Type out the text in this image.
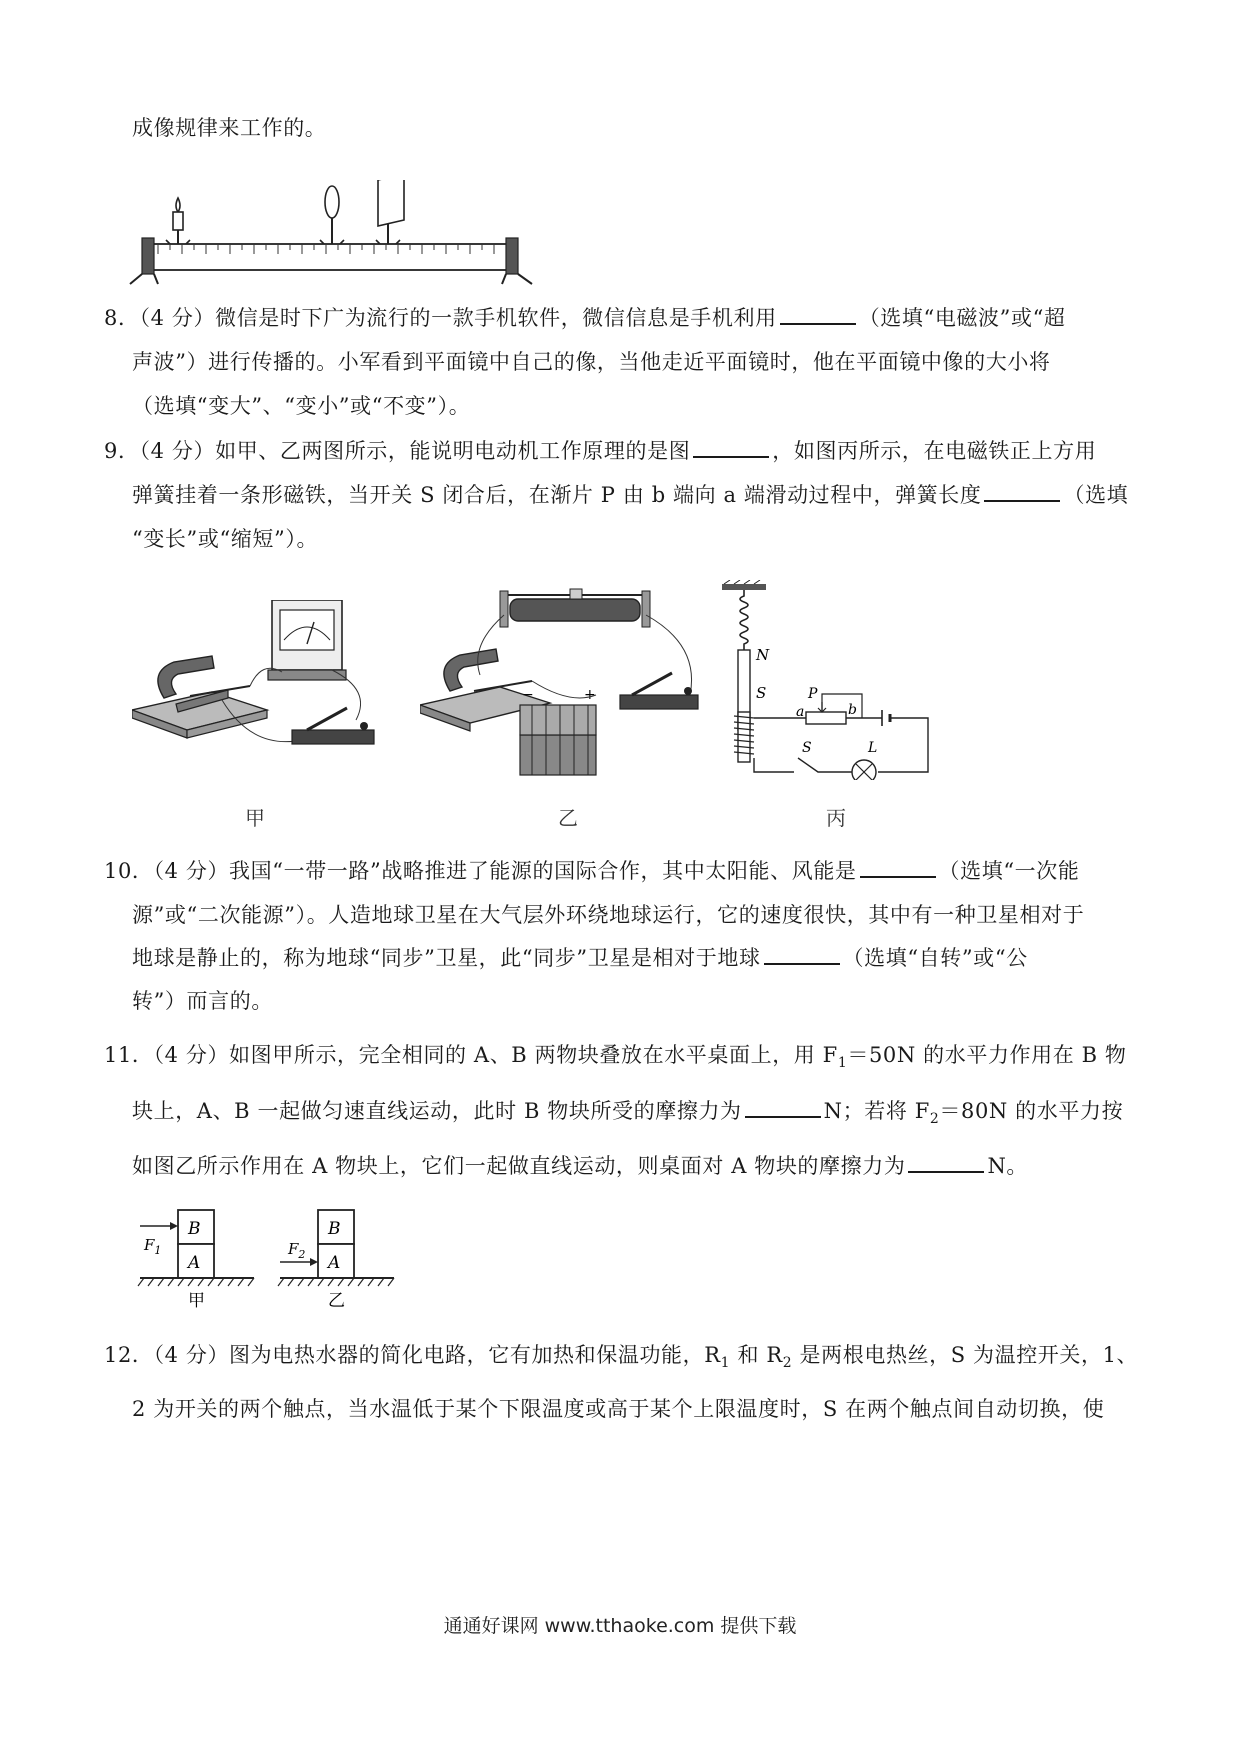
成像规律来工作的。
8．（4 分）微信是时下广为流行的一款手机软件，微信信息是手机利用	（选填“电磁波”或“超
声波”）进行传播的。小军看到平面镜中自己的像，当他走近平面镜时，他在平面镜中像的大小将
（选填“变大”、“变小”或“不变”）。
9．（4 分）如甲、乙两图所示，能说明电动机工作原理的是图	，如图丙所示，在电磁铁正上方用
弹簧挂着一条形磁铁，当开关 S 闭合后，在渐片 P 由 b 端向 a 端滑动过程中，弹簧长度	（选填
“变长”或“缩短”）。
甲
−	+
乙
N
S
a	b
P
L
S
丙
10．（4 分）我国“一带一路”战略推进了能源的国际合作，其中太阳能、风能是	（选填“一次能
源”或“二次能源”）。人造地球卫星在大气层外环绕地球运行，它的速度很快，其中有一种卫星相对于
地球是静止的，称为地球“同步”卫星，此“同步”卫星是相对于地球	（选填“自转”或“公
转”）而言的。
11．（4 分）如图甲所示，完全相同的 A、B 两物块叠放在水平桌面上，用 $F_1=50N$ 的水平力作用在 B 物
块上，A、B 一起做匀速直线运动，此时 B 物块所受的摩擦力为	N；若将 $F_2=80N$ 的水平力按
如图乙所示作用在 A 物块上，它们一起做直线运动，则桌面对 A 物块的摩擦力为	N。
B
A
$F_1$
甲
B
A
$F_2$
乙
12．（4 分）图为电热水器的简化电路，它有加热和保温功能，$R_1$ 和 $R_2$ 是两根电热丝，S 为温控开关，1、
2 为开关的两个触点，当水温低于某个下限温度或高于某个上限温度时，S 在两个触点间自动切换，使
通通好课网 www.tthaoke.com 提供下载
